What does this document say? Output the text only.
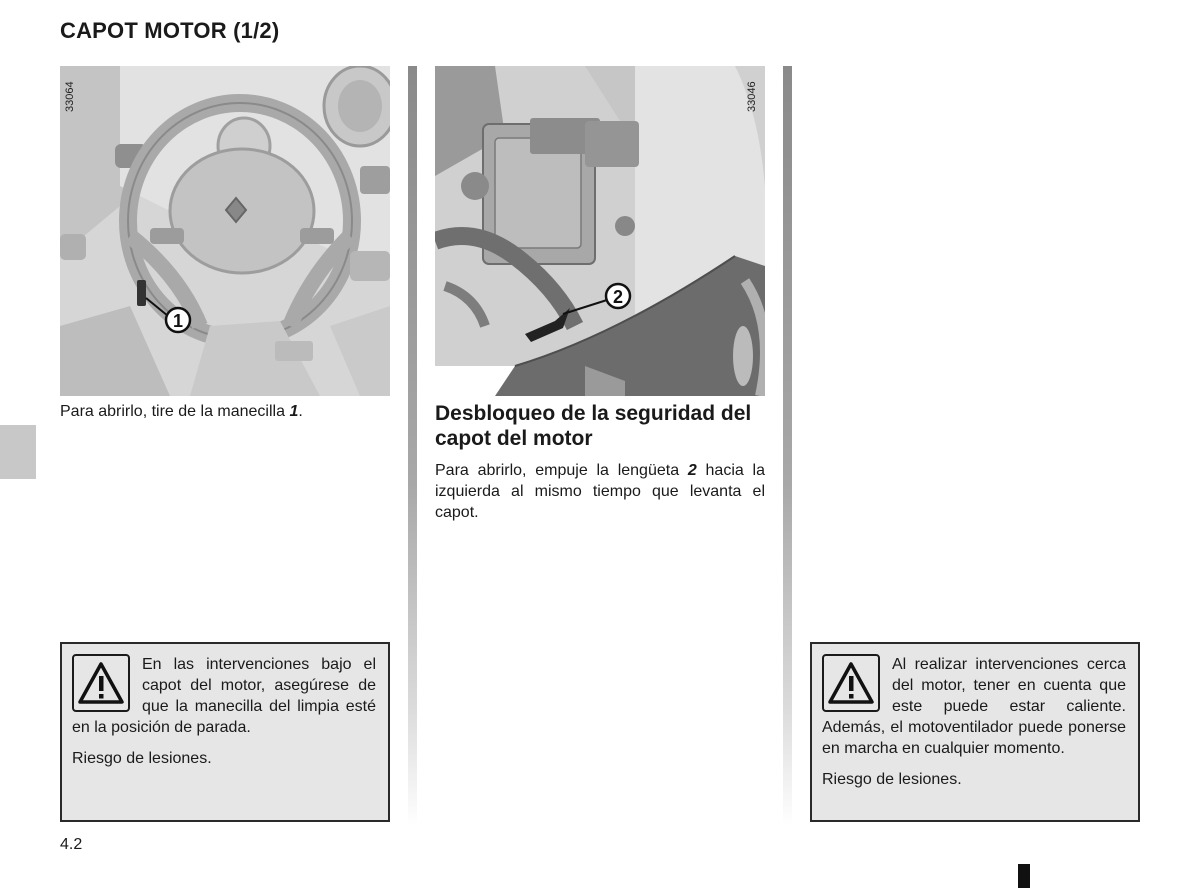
CAPOT MOTOR (1/2)
1
33064
2
33046
Para abrirlo, tire de la manecilla 1.	Desbloqueo de la seguridad del capot del motor
Para abrirlo, empuje la lengüeta 2 hacia la izquierda al mismo tiempo que levanta el capot.

En las intervenciones bajo el capot del motor, asegúrese de que la manecilla del limpia esté en la posición de parada.

Riesgo de lesiones.

Al realizar intervenciones cerca del motor, tener en cuenta que este puede estar caliente. Además, el motoventilador puede ponerse en marcha en cualquier momento.

Riesgo de lesiones.

4.2
